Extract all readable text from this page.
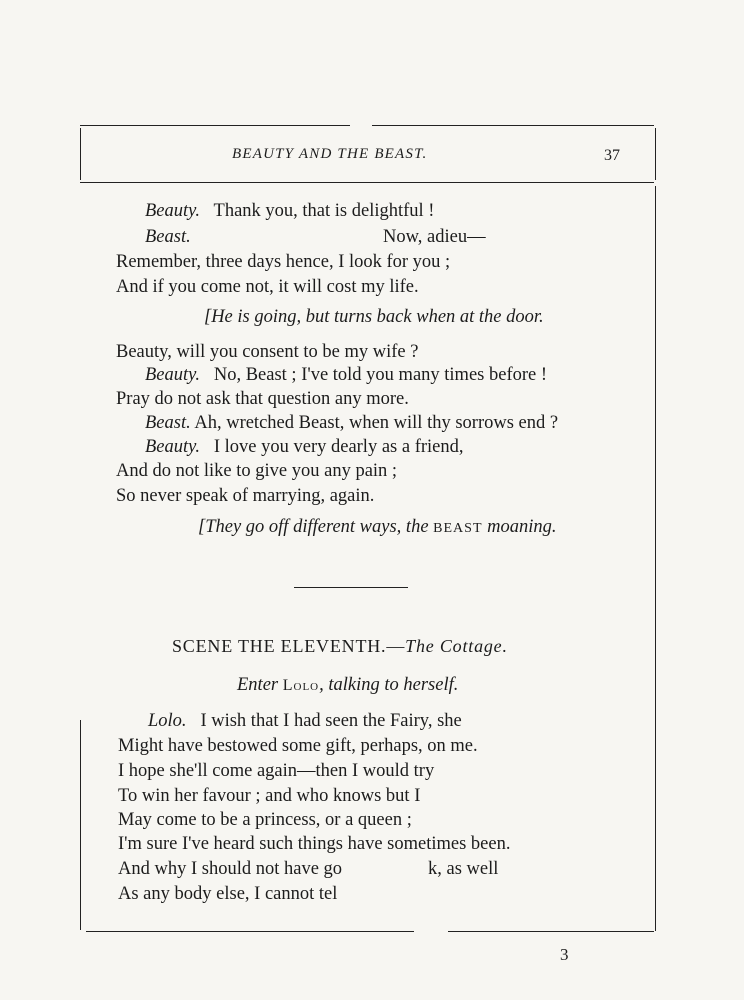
BEAUTY AND THE BEAST.	37
Beauty. Thank you, that is delightful !
Beast.	Now, adieu—
Remember, three days hence, I look for you ;
And if you come not, it will cost my life.
[He is going, but turns back when at the door.
Beauty, will you consent to be my wife ?
Beauty. No, Beast ; I've told you many times before !
Pray do not ask that question any more.
Beast. Ah, wretched Beast, when will thy sorrows end ?
Beauty. I love you very dearly as a friend,
And do not like to give you any pain ;
So never speak of marrying, again.
[They go off different ways, the BEAST moaning.
SCENE THE ELEVENTH.—The Cottage.
Enter Lolo, talking to herself.
Lolo. I wish that I had seen the Fairy, she
Might have bestowed some gift, perhaps, on me.
I hope she'll come again—then I would try
To win her favour ; and who knows but I
May come to be a princess, or a queen ;
I'm sure I've heard such things have sometimes been.
And why I should not have go	k, as well
As any body else, I cannot tel
3
